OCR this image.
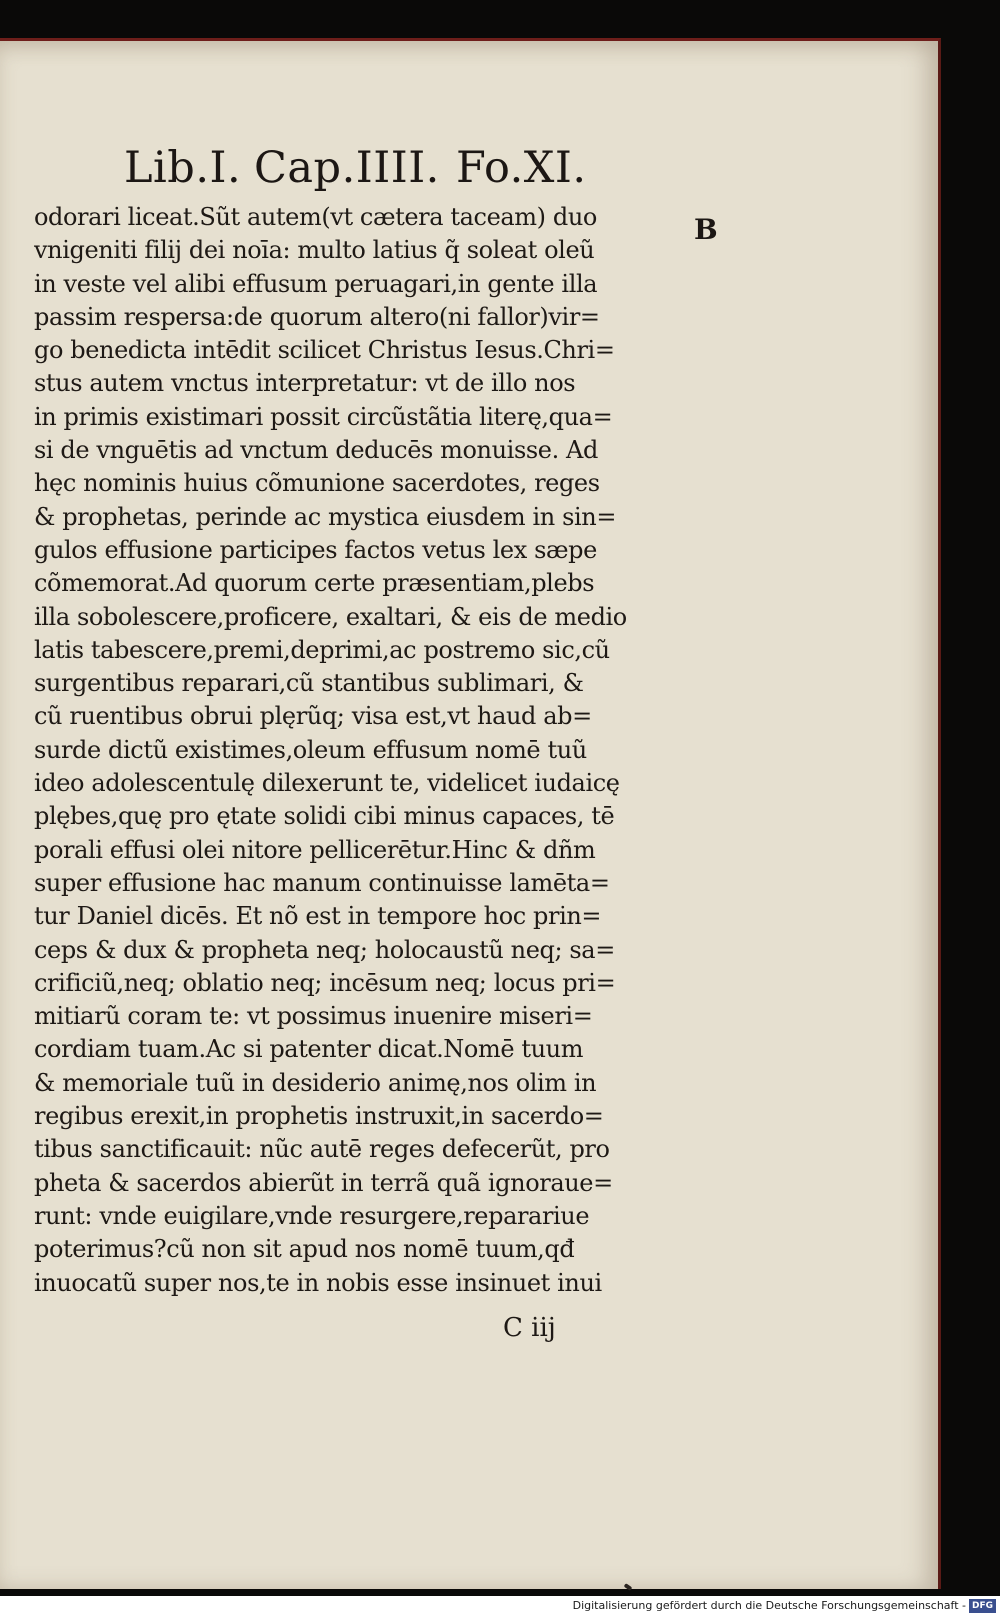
Lib.I. Cap.IIII. Fo.XI.
B
odorari liceat.Sũt autem(vt cætera taceam) duo
vnigeniti filij dei noīa: multo latius q̃ soleat oleũ
in veste vel alibi effusum peruagari,in gente illa
passim respersa:de quorum altero(ni fallor)vir=
go benedicta intēdit scilicet Christus Iesus.Chri=
stus autem vnctus interpretatur: vt de illo nos
in primis existimari possit circũstãtia literę,qua=
si de vnguētis ad vnctum deducēs monuisse. Ad
hęc nominis huius cõmunione sacerdotes, reges
& prophetas, perinde ac mystica eiusdem in sin=
gulos effusione participes factos vetus lex sæpe
cõmemorat.Ad quorum certe præsentiam,plebs
illa sobolescere,proficere, exaltari, & eis de medio
latis tabescere,premi,deprimi,ac postremo sic,cũ
surgentibus reparari,cũ stantibus sublimari, &
cũ ruentibus obrui plęrũq; visa est,vt haud ab=
surde dictũ existimes,oleum effusum nomē tuũ
ideo adolescentulę dilexerunt te, videlicet iudaicę
plębes,quę pro ętate solidi cibi minus capaces, tē
porali effusi olei nitore pellicerētur.Hinc & dñm
super effusione hac manum continuisse lamēta=
tur Daniel dicēs. Et nõ est in tempore hoc prin=
ceps & dux & propheta neq; holocaustũ neq; sa=
crificiũ,neq; oblatio neq; incēsum neq; locus pri=
mitiarũ coram te: vt possimus inuenire miseri=
cordiam tuam.Ac si patenter dicat.Nomē tuum
& memoriale tuũ in desiderio animę,nos olim in
regibus erexit,in prophetis instruxit,in sacerdo=
tibus sanctificauit: nũc autē reges defecerũt, pro
pheta & sacerdos abierũt in terrã quã ignoraue=
runt: vnde euigilare,vnde resurgere,reparariue
poterimus?cũ non sit apud nos nomē tuum,qđ
inuocatũ super nos,te in nobis esse insinuet inui
C iij
Digitalisierung gefördert durch die Deutsche Forschungsgemeinschaft - DFG
